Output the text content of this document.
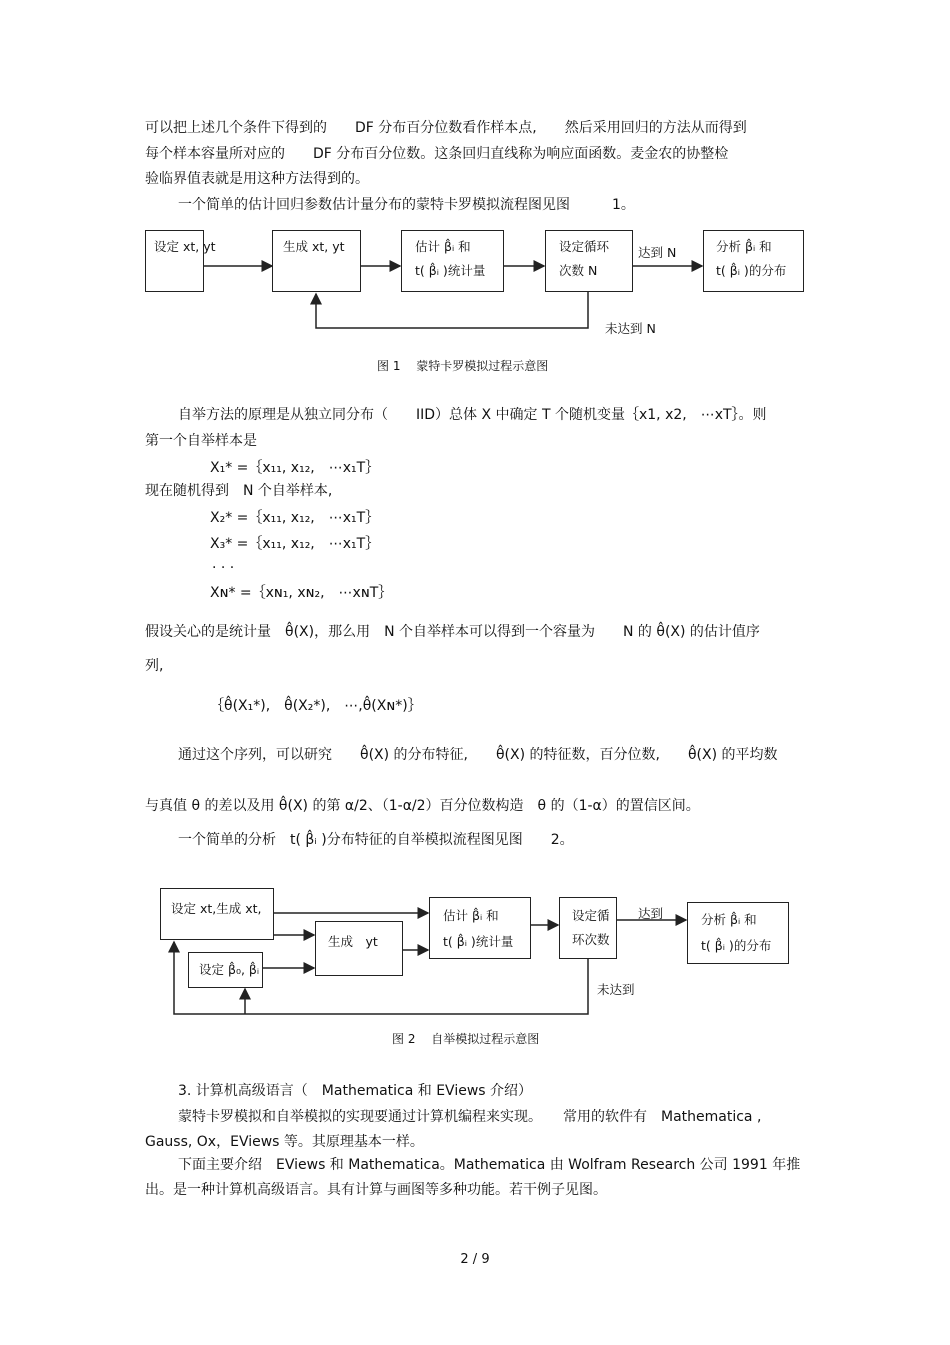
可以把上述几个条件下得到的　　DF 分布百分位数看作样本点,　　然后采用回归的方法从而得到
每个样本容量所对应的　　DF 分布百分位数。这条回归直线称为响应面函数。麦金农的协整检
验临界值表就是用这种方法得到的。
一个简单的估计回归参数估计量分布的蒙特卡罗模拟流程图见图　　　1。
设定 xt, yt	生成 xt, yt	估计 β̂ᵢ 和
t( β̂ᵢ )统计量
设定循环
次数 N
分析 β̂ᵢ 和
t( β̂ᵢ )的分布
达到 N
未达到 N
图 1　 蒙特卡罗模拟过程示意图
自举方法的原理是从独立同分布（　　IID）总体 X 中确定 T 个随机变量｛x1, x2,　⋯xT｝。则
第一个自举样本是
X₁* =｛x₁₁, x₁₂,　⋯x₁T｝
现在随机得到　N 个自举样本,
X₂* =｛x₁₁, x₁₂,　⋯x₁T｝
X₃* =｛x₁₁, x₁₂,　⋯x₁T｝
· · ·
Xɴ* =｛xɴ₁, xɴ₂,　⋯xɴT｝
假设关心的是统计量　θ̂(X)，那么用　N 个自举样本可以得到一个容量为　　N 的 θ̂(X) 的估计值序
列,
｛θ̂(X₁*),　θ̂(X₂*),　⋯,θ̂(Xɴ*)｝
通过这个序列，可以研究　　θ̂(X) 的分布特征,　　θ̂(X) 的特征数，百分位数,　　θ̂(X) 的平均数
与真值 θ 的差以及用 θ̂(X) 的第 α/2、（1-α/2）百分位数构造　θ 的（1-α）的置信区间。
一个简单的分析　t( β̂ᵢ )分布特征的自举模拟流程图见图　　2。
设定 xt,生成 xt,
设定 β̂₀, β̂ᵢ
生成　yt
估计 β̂ᵢ 和
t( β̂ᵢ )统计量
设定循
环次数
分析 β̂ᵢ 和
t( β̂ᵢ )的分布
达到
未达到
图 2　 自举模拟过程示意图
3. 计算机高级语言（　Mathematica 和 EViews 介绍）
蒙特卡罗模拟和自举模拟的实现要通过计算机编程来实现。　　常用的软件有　Mathematica ,
Gauss, Ox，EViews 等。其原理基本一样。
下面主要介绍　EViews 和 Mathematica。Mathematica 由 Wolfram Research 公司 1991 年推
出。是一种计算机高级语言。具有计算与画图等多种功能。若干例子见图。
2 / 9
